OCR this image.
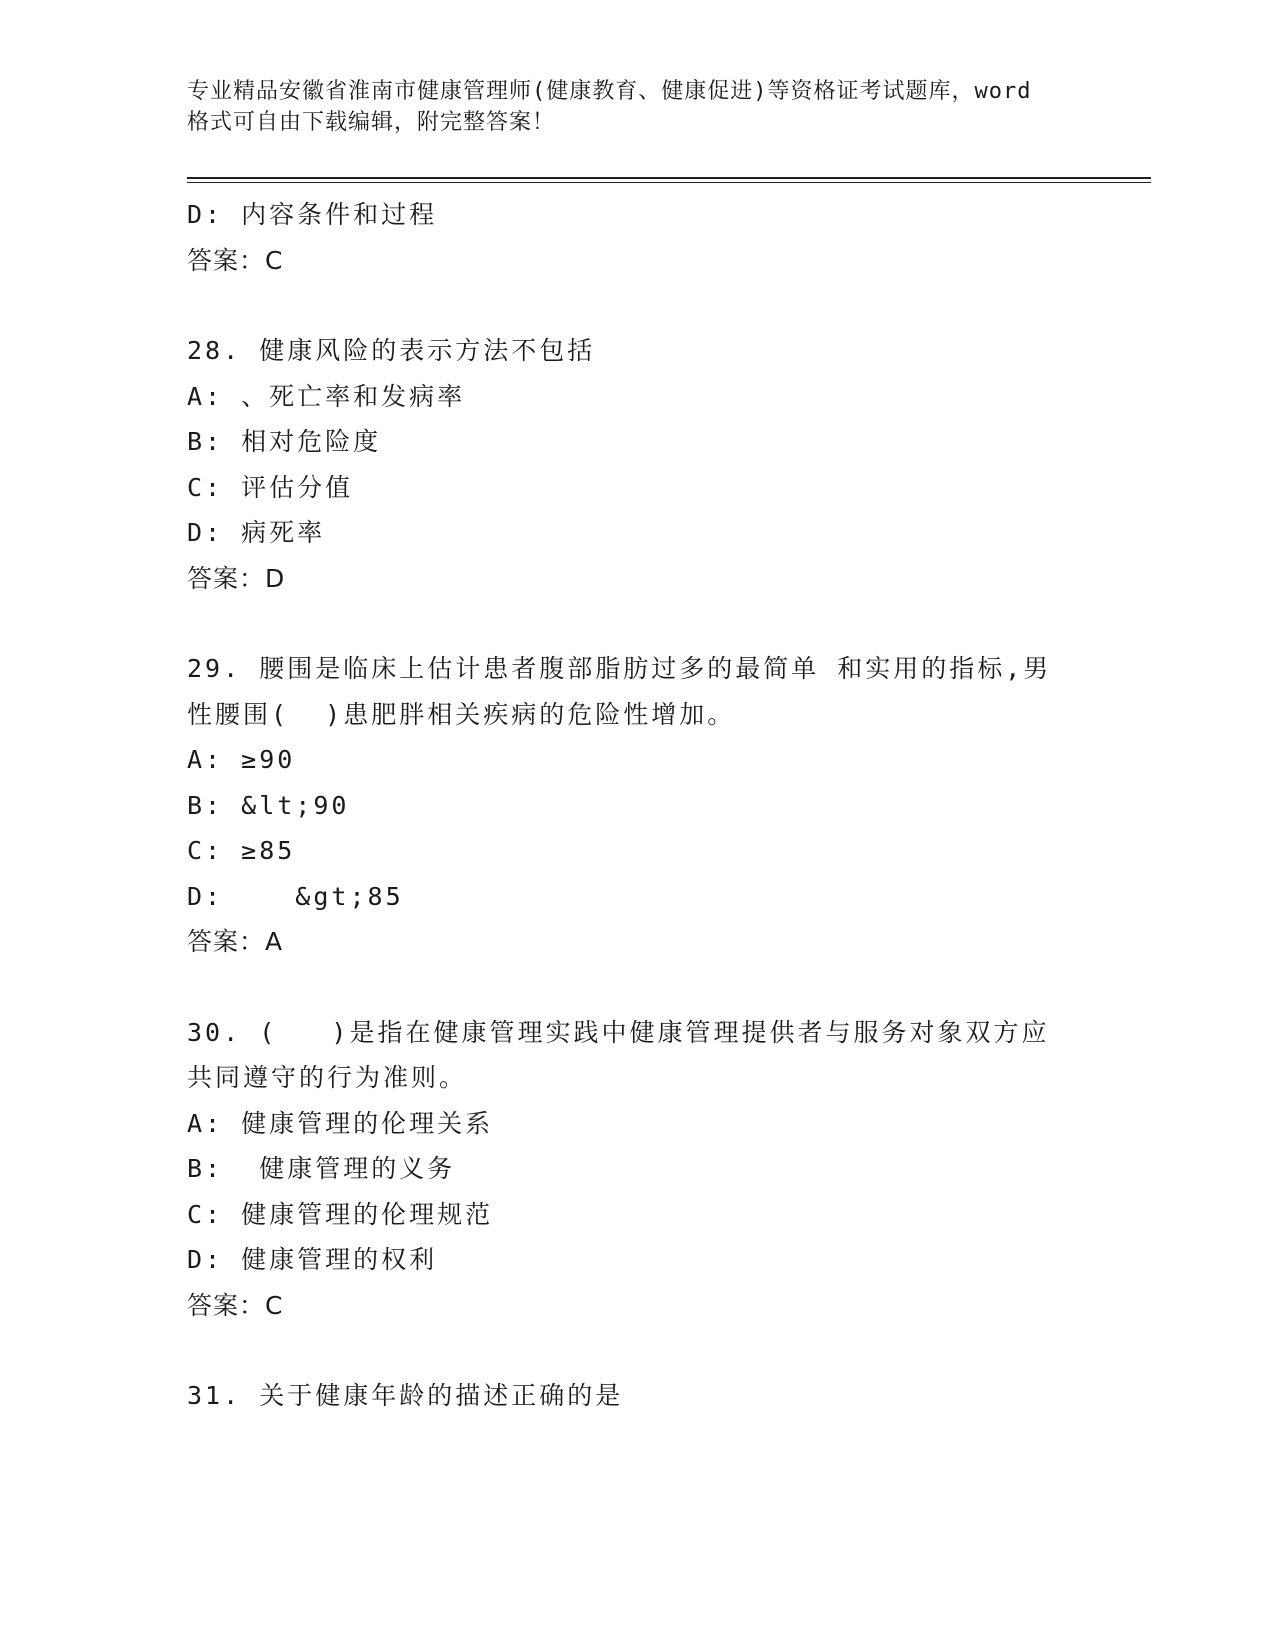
专业精品安徽省淮南市健康管理师(健康教育、健康促进)等资格证考试题库，word
格式可自由下载编辑，附完整答案！
D: 内容条件和过程
答案：C
28. 健康风险的表示方法不包括
A: 、死亡率和发病率
B: 相对危险度
C: 评估分值
D: 病死率
答案：D
29. 腰围是临床上估计患者腹部脂肪过多的最简单 和实用的指标,男
性腰围(  )患肥胖相关疾病的危险性增加。
A: ≥90
B: &lt;90
C: ≥85
D:    &gt;85
答案：A
30. (   )是指在健康管理实践中健康管理提供者与服务对象双方应
共同遵守的行为准则。
A: 健康管理的伦理关系
B:  健康管理的义务
C: 健康管理的伦理规范
D: 健康管理的权利
答案：C
31. 关于健康年龄的描述正确的是
